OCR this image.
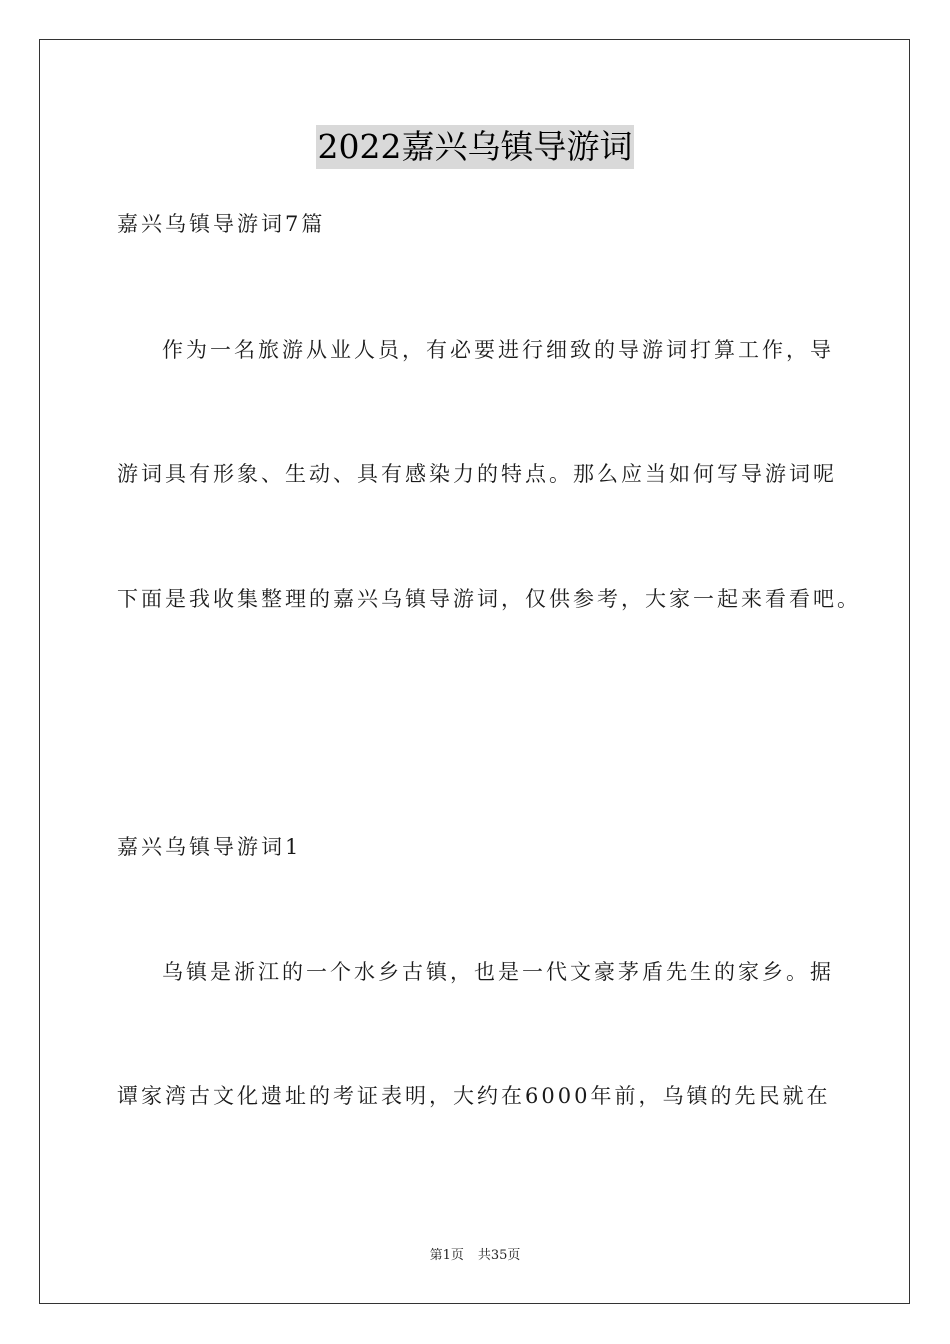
2022嘉兴乌镇导游词
嘉兴乌镇导游词7篇
作为一名旅游从业人员，有必要进行细致的导游词打算工作，导
游词具有形象、生动、具有感染力的特点。那么应当如何写导游词呢
下面是我收集整理的嘉兴乌镇导游词，仅供参考，大家一起来看看吧。
嘉兴乌镇导游词1
乌镇是浙江的一个水乡古镇，也是一代文豪茅盾先生的家乡。据
谭家湾古文化遗址的考证表明，大约在6000年前，乌镇的先民就在
第1页 共35页
